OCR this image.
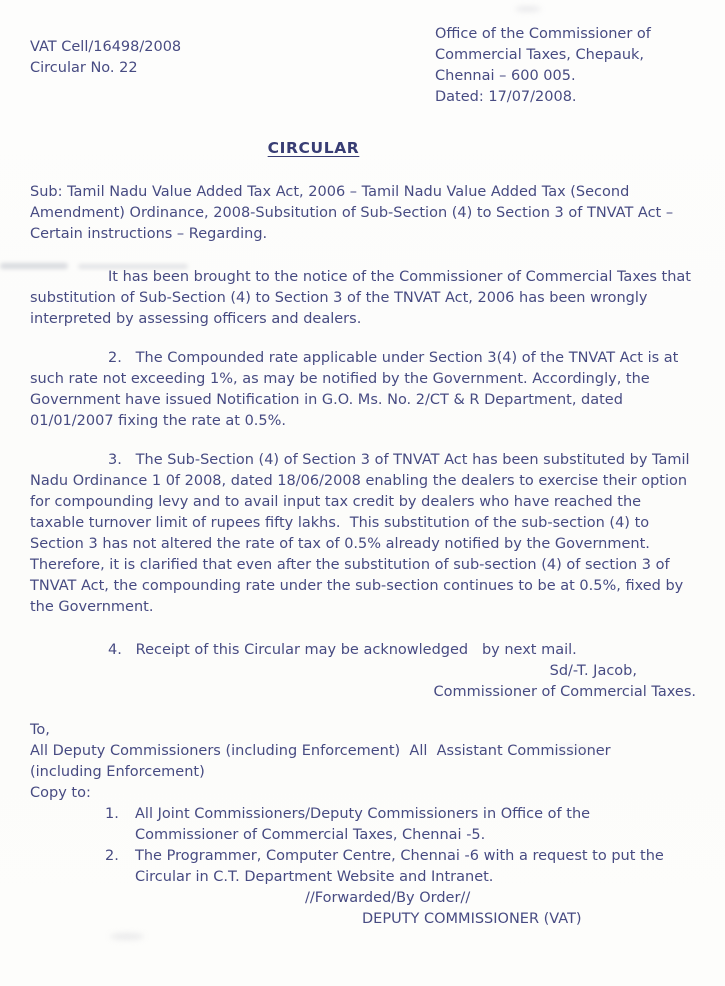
VAT Cell/16498/2008
Circular No. 22
Office of the Commissioner of
Commercial Taxes, Chepauk,
Chennai – 600 005.
Dated: 17/07/2008.
CIRCULAR
Sub: Tamil Nadu Value Added Tax Act, 2006 – Tamil Nadu Value Added Tax (Second Amendment) Ordinance, 2008-Subsitution of Sub-Section (4) to Section 3 of TNVAT Act – Certain instructions – Regarding.
It has been brought to the notice of the Commissioner of Commercial Taxes that substitution of Sub-Section (4) to Section 3 of the TNVAT Act, 2006 has been wrongly interpreted by assessing officers and dealers.
2.   The Compounded rate applicable under Section 3(4) of the TNVAT Act is at such rate not exceeding 1%, as may be notified by the Government. Accordingly, the Government have issued Notification in G.O. Ms. No. 2/CT & R Department, dated 01/01/2007 fixing the rate at 0.5%.
3.   The Sub-Section (4) of Section 3 of TNVAT Act has been substituted by Tamil Nadu Ordinance 1 0f 2008, dated 18/06/2008 enabling the dealers to exercise their option for compounding levy and to avail input tax credit by dealers who have reached the taxable turnover limit of rupees fifty lakhs.  This substitution of the sub-section (4) to Section 3 has not altered the rate of tax of 0.5% already notified by the Government.  Therefore, it is clarified that even after the substitution of sub-section (4) of section 3 of TNVAT Act, the compounding rate under the sub-section continues to be at 0.5%, fixed by  the Government.
4.   Receipt of this Circular may be acknowledged   by next mail.
Sd/-T. Jacob,
Commissioner of Commercial Taxes.
To,
All Deputy Commissioners (including Enforcement)  All  Assistant Commissioner
(including Enforcement)
Copy to:
1.	All Joint Commissioners/Deputy Commissioners in Office of the Commissioner of Commercial Taxes, Chennai -5.
2.	The Programmer, Computer Centre, Chennai -6 with a request to put the Circular in C.T. Department Website and Intranet.
//Forwarded/By Order//
DEPUTY COMMISSIONER (VAT)
